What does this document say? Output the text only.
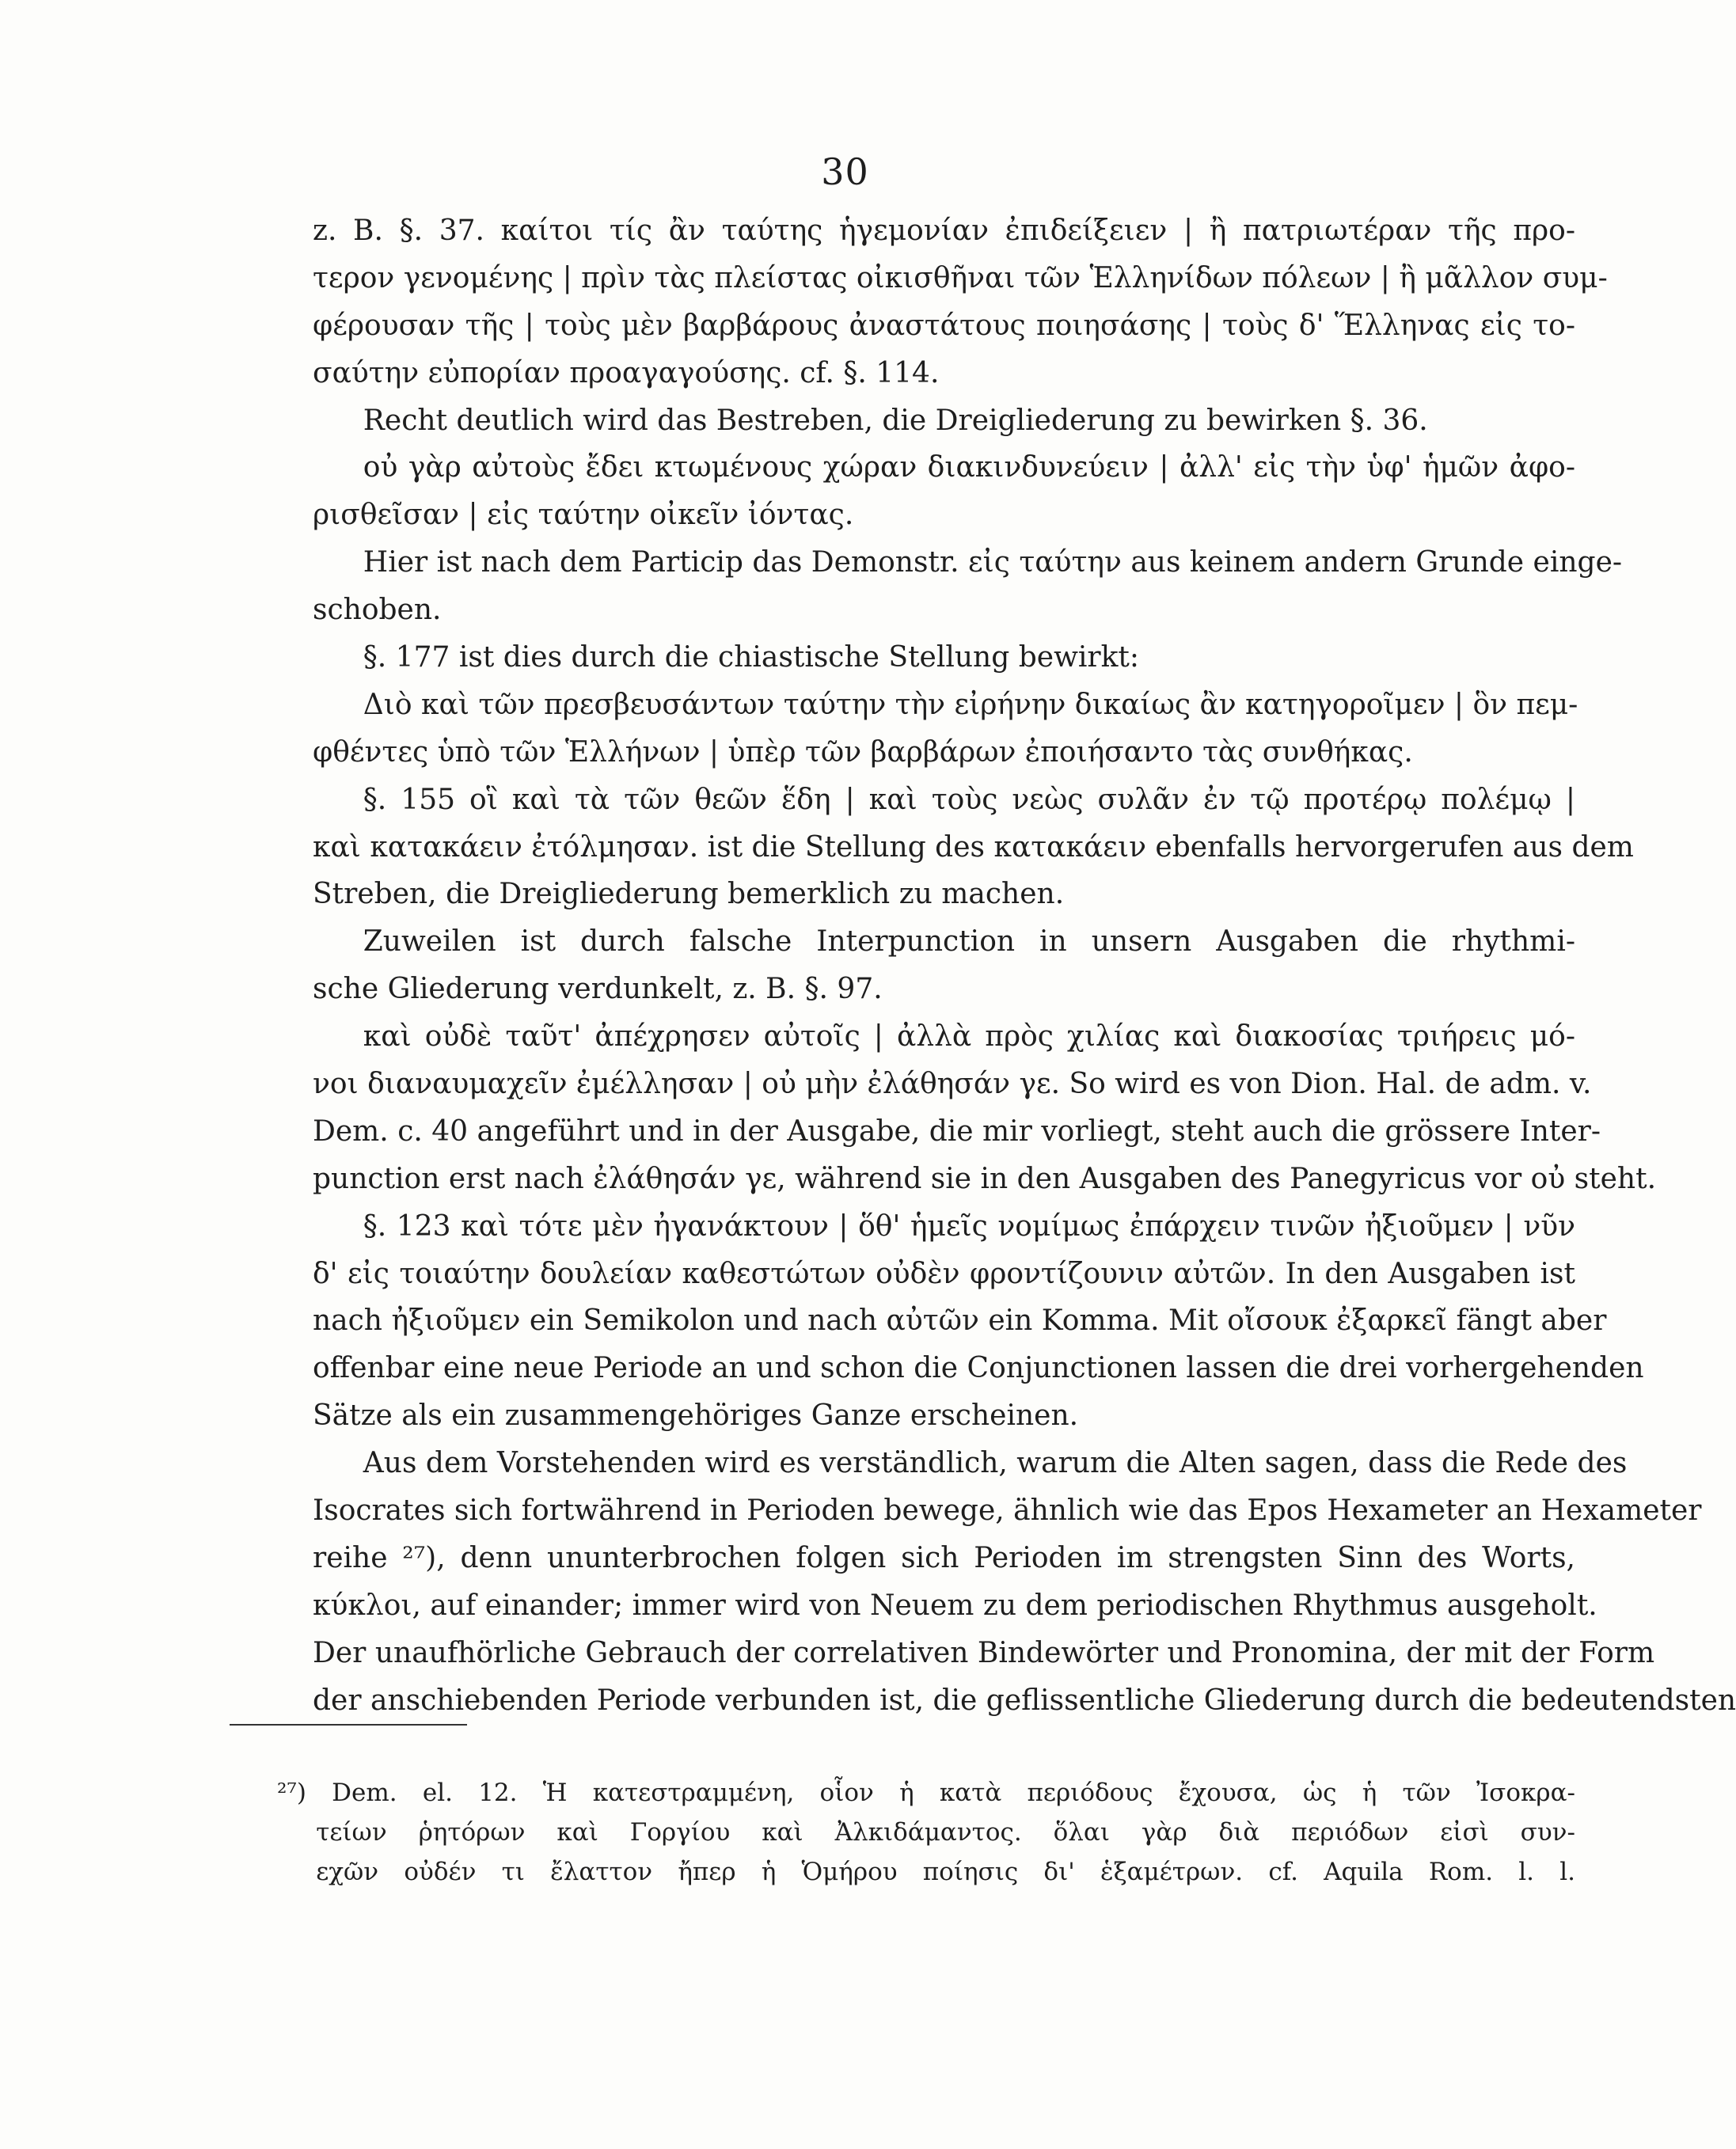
30
z. B. §. 37. καίτοι τίς ἂν ταύτης ἡγεμονίαν ἐπιδείξειεν | ἢ πατριωτέραν τῆς προ-
τερον γενομένης | πρὶν τὰς πλείστας οἰκισθῆναι τῶν Ἑλληνίδων πόλεων | ἢ μᾶλλον συμ-
φέρουσαν τῆς | τοὺς μὲν βαρβάρους ἀναστάτους ποιησάσης | τοὺς δ' Ἕλληνας εἰς το-
σαύτην εὐπορίαν προαγαγούσης. cf. §. 114.
Recht deutlich wird das Bestreben, die Dreigliederung zu bewirken §. 36.
οὐ γὰρ αὐτοὺς ἔδει κτωμένους χώραν διακινδυνεύειν | ἀλλ' εἰς τὴν ὑφ' ἡμῶν ἀφο-
ρισθεῖσαν | εἰς ταύτην οἰκεῖν ἰόντας.
Hier ist nach dem Particip das Demonstr. εἰς ταύτην aus keinem andern Grunde einge-
schoben.
§. 177 ist dies durch die chiastische Stellung bewirkt:
Διὸ καὶ τῶν πρεσβευσάντων ταύτην τὴν εἰρήνην δικαίως ἂν κατηγοροῖμεν | ὃν πεμ-
φθέντες ὑπὸ τῶν Ἑλλήνων | ὑπὲρ τῶν βαρβάρων ἐποιήσαντο τὰς συνθήκας.
§. 155 οἳ καὶ τὰ τῶν θεῶν ἕδη | καὶ τοὺς νεὼς συλᾶν ἐν τῷ προτέρῳ πολέμῳ |
καὶ κατακάειν ἐτόλμησαν. ist die Stellung des κατακάειν ebenfalls hervorgerufen aus dem
Streben, die Dreigliederung bemerklich zu machen.
Zuweilen ist durch falsche Interpunction in unsern Ausgaben die rhythmi-
sche Gliederung verdunkelt, z. B. §. 97.
καὶ οὐδὲ ταῦτ' ἀπέχρησεν αὐτοῖς | ἀλλὰ πρὸς χιλίας καὶ διακοσίας τριήρεις μό-
νοι διαναυμαχεῖν ἐμέλλησαν | οὐ μὴν ἐλάθησάν γε. So wird es von Dion. Hal. de adm. v.
Dem. c. 40 angeführt und in der Ausgabe, die mir vorliegt, steht auch die grössere Inter-
punction erst nach ἐλάθησάν γε, während sie in den Ausgaben des Panegyricus vor οὐ steht.
§. 123 καὶ τότε μὲν ἠγανάκτουν | ὅθ' ἡμεῖς νομίμως ἐπάρχειν τινῶν ἠξιοῦμεν | νῦν
δ' εἰς τοιαύτην δουλείαν καθεστώτων οὐδὲν φροντίζουνιν αὐτῶν. In den Ausgaben ist
nach ἠξιοῦμεν ein Semikolon und nach αὐτῶν ein Komma. Mit οἴσουκ ἐξαρκεῖ fängt aber
offenbar eine neue Periode an und schon die Conjunctionen lassen die drei vorhergehenden
Sätze als ein zusammengehöriges Ganze erscheinen.
Aus dem Vorstehenden wird es verständlich, warum die Alten sagen, dass die Rede des
Isocrates sich fortwährend in Perioden bewege, ähnlich wie das Epos Hexameter an Hexameter
reihe ²⁷), denn ununterbrochen folgen sich Perioden im strengsten Sinn des Worts,
κύκλοι, auf einander; immer wird von Neuem zu dem periodischen Rhythmus ausgeholt.
Der unaufhörliche Gebrauch der correlativen Bindewörter und Pronomina, der mit der Form
der anschiebenden Periode verbunden ist, die geflissentliche Gliederung durch die bedeutendsten
²⁷) Dem. el. 12. Ἡ κατεστραμμένη, οἷον ἡ κατὰ περιόδους ἔχουσα, ὡς ἡ τῶν Ἰσοκρα-
τείων ῥητόρων καὶ Γοργίου καὶ Ἀλκιδάμαντος. ὅλαι γὰρ διὰ περιόδων εἰσὶ συν-
εχῶν οὐδέν τι ἔλαττον ἤπερ ἡ Ὁμήρου ποίησις δι' ἑξαμέτρων. cf. Aquila Rom. l. l.
